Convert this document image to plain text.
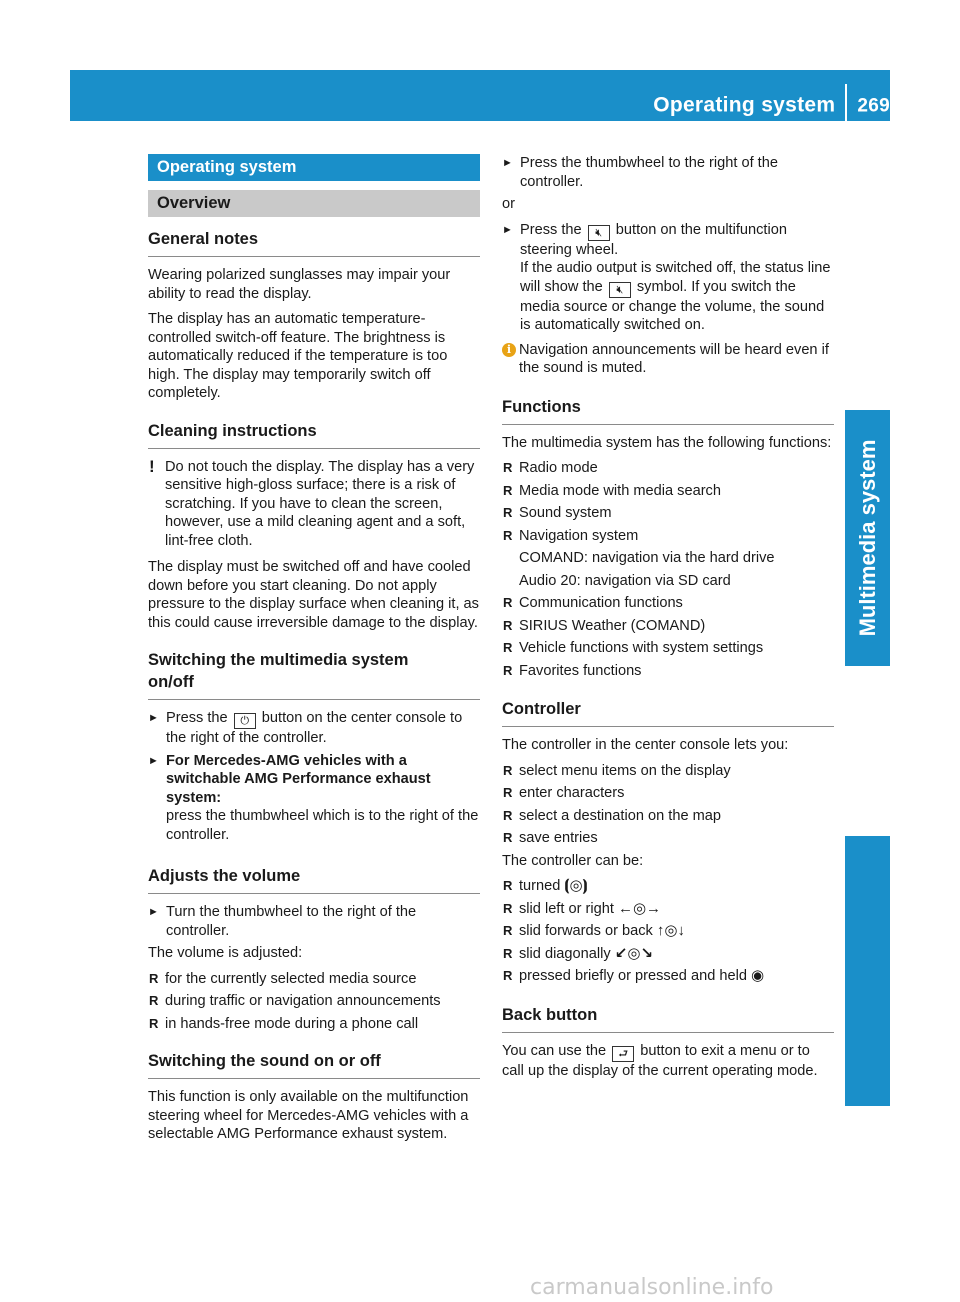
Operating system 269
Multimedia system
Operating system
Overview
General notes

Wearing polarized sunglasses may impair your ability to read the display.

The display has an automatic temperature-controlled switch-off feature. The brightness is automatically reduced if the temperature is too high. The display may temporarily switch off completely.

Cleaning instructions
! Do not touch the display. The display has a very sensitive high-gloss surface; there is a risk of scratching. If you have to clean the screen, however, use a mild cleaning agent and a soft, lint-free cloth.

The display must be switched off and have cooled down before you start cleaning. Do not apply pressure to the display surface when cleaning it, as this could cause irreversible damage to the display.

Switching the multimedia system
on/off
► Press the ⏻ button on the center console to the right of the controller.
► For Mercedes-AMG vehicles with a switchable AMG Performance exhaust system:
press the thumbwheel which is to the right of the controller.
Adjusts the volume
► Turn the thumbwheel to the right of the controller.

The volume is adjusted:

R for the currently selected media source
R during traffic or navigation announcements
R in hands-free mode during a phone call
Switching the sound on or off

This function is only available on the multifunction steering wheel for Mercedes-AMG vehicles with a selectable AMG Performance exhaust system.

► Press the thumbwheel to the right of the controller.

or

► Press the 🔇︎ button on the multifunction steering wheel.
If the audio output is switched off, the status line will show the 🔇︎ symbol. If you switch the media source or change the volume, the sound is automatically switched on.
i Navigation announcements will be heard even if the sound is muted.
Functions

The multimedia system has the following functions:

R Radio mode
R Media mode with media search
R Sound system
R Navigation system
COMAND: navigation via the hard drive
Audio 20: navigation via SD card
R Communication functions
R SIRIUS Weather (COMAND)
R Vehicle functions with system settings
R Favorites functions
Controller

The controller in the center console lets you:

R select menu items on the display
R enter characters
R select a destination on the map
R save entries

The controller can be:

R turned ⦗◎⦘
R slid left or right ←◎→
R slid forwards or back ↑◎↓
R slid diagonally ↙◎↘
R pressed briefly or pressed and held ◉
Back button

You can use the ⮐ button to exit a menu or to call up the display of the current operating mode.

carmanualsonline.info
